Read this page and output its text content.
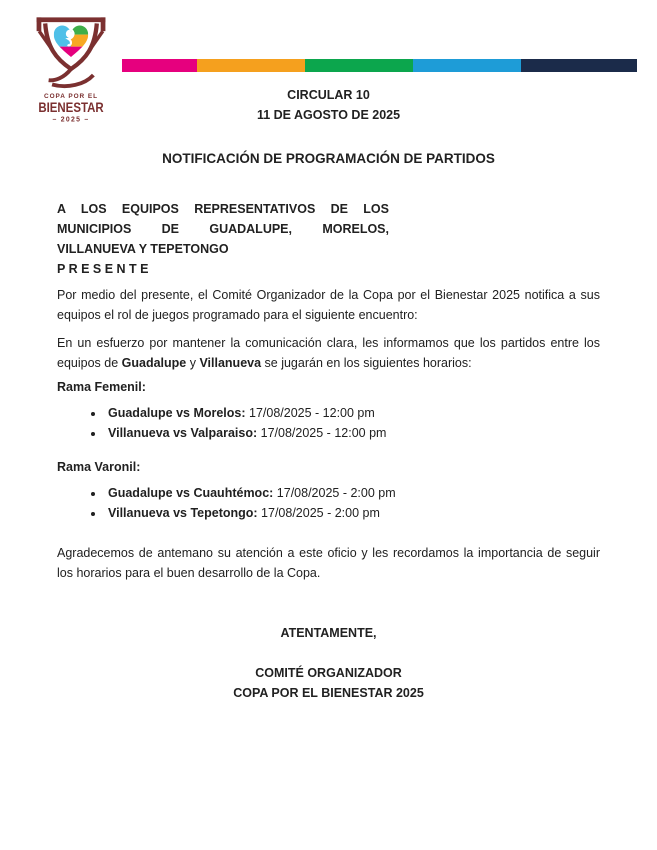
COPA POR EL
BIENESTAR
– 2025 –

CIRCULAR 10

11 DE AGOSTO DE 2025

NOTIFICACIÓN DE PROGRAMACIÓN DE PARTIDOS

A LOS EQUIPOS REPRESENTATIVOS DE LOS MUNICIPIOS DE GUADALUPE, MORELOS, VILLANUEVA Y TEPETONGO

P R E S E N T E

Por medio del presente, el Comité Organizador de la Copa por el Bienestar 2025 notifica a sus equipos el rol de juegos programado para el siguiente encuentro:

En un esfuerzo por mantener la comunicación clara, les informamos que los partidos entre los equipos de Guadalupe y Villanueva se jugarán en los siguientes horarios:

Rama Femenil:
• Guadalupe vs Morelos: 17/08/2025 - 12:00 pm
• Villanueva vs Valparaiso: 17/08/2025 - 12:00 pm
Rama Varonil:
• Guadalupe vs Cuauhtémoc: 17/08/2025 - 2:00 pm
• Villanueva vs Tepetongo: 17/08/2025 - 2:00 pm

Agradecemos de antemano su atención a este oficio y les recordamos la importancia de seguir los horarios para el buen desarrollo de la Copa.

ATENTAMENTE,

COMITÉ ORGANIZADOR

COPA POR EL BIENESTAR 2025
